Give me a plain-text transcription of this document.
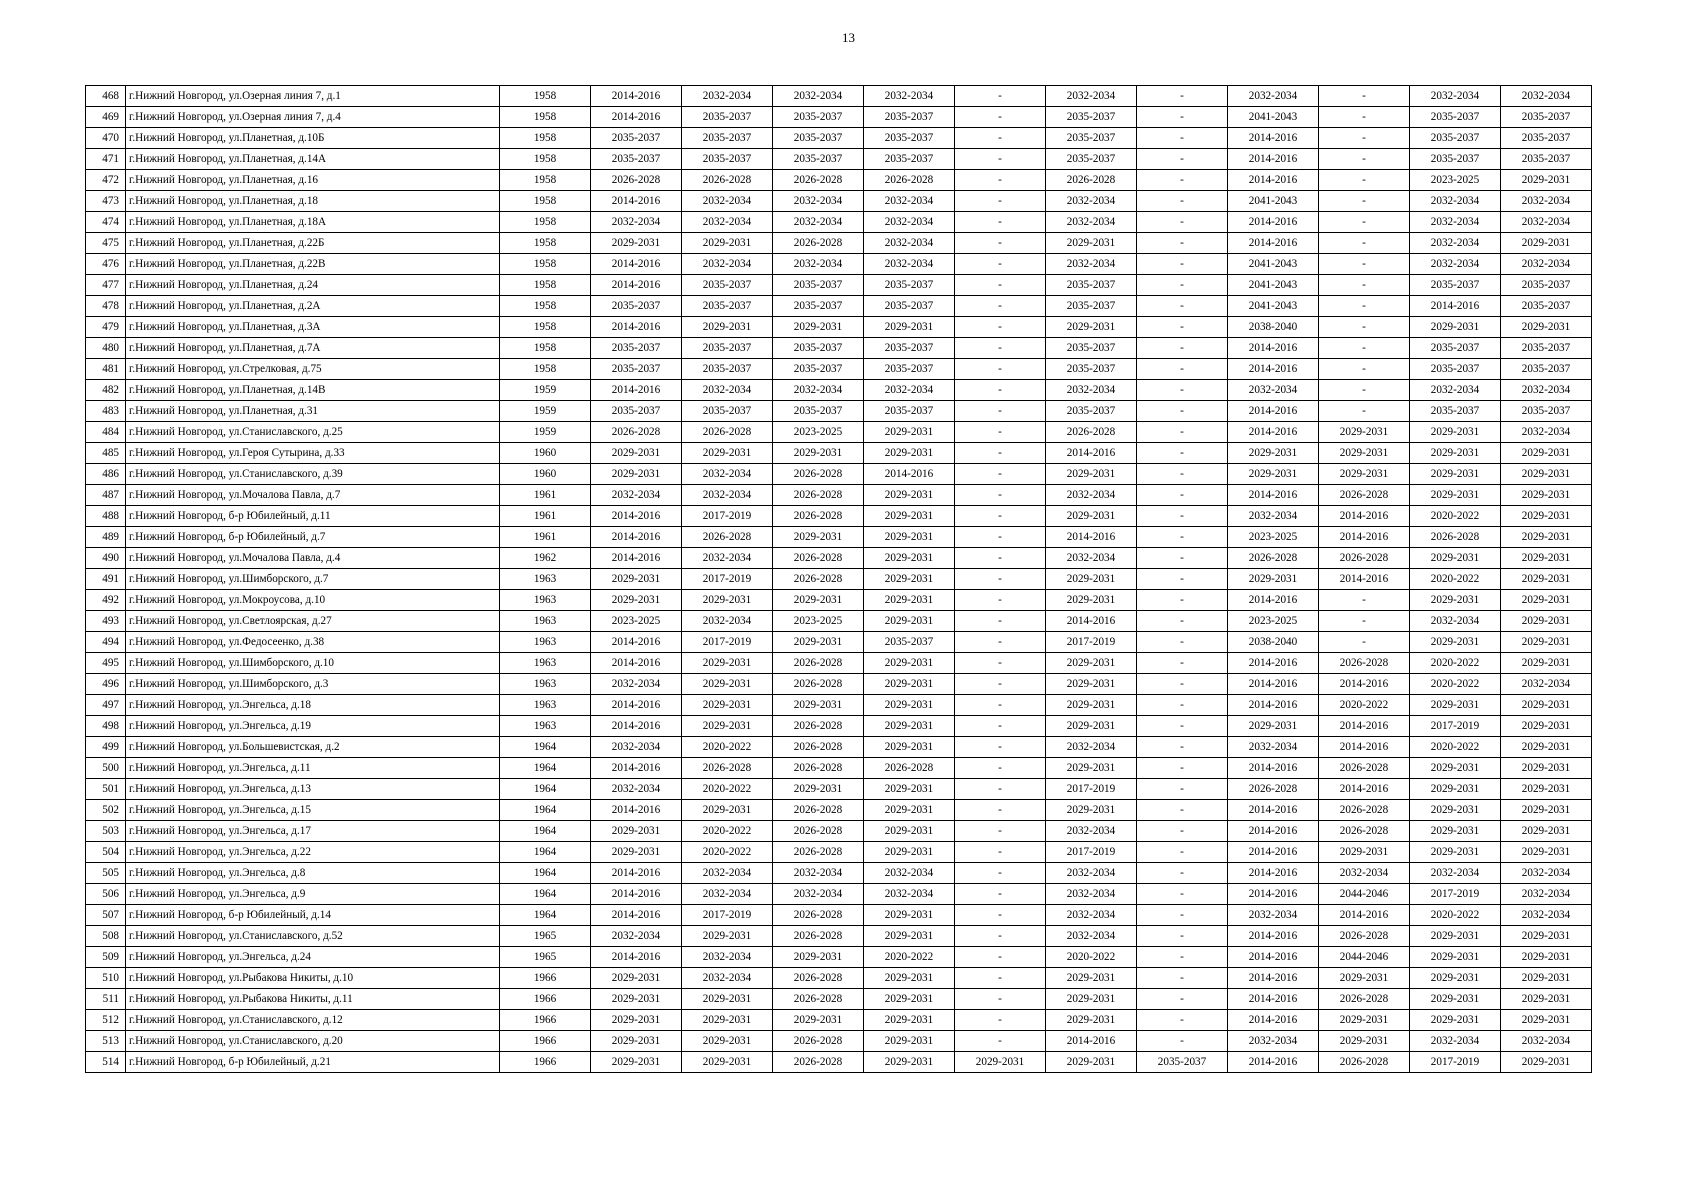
13
468	г.Нижний Новгород, ул.Озерная линия 7, д.1	1958	2014-2016	2032-2034	2032-2034	2032-2034	-	2032-2034	-	2032-2034	-	2032-2034	2032-2034
469	г.Нижний Новгород, ул.Озерная линия 7, д.4	1958	2014-2016	2035-2037	2035-2037	2035-2037	-	2035-2037	-	2041-2043	-	2035-2037	2035-2037
470	г.Нижний Новгород, ул.Планетная, д.10Б	1958	2035-2037	2035-2037	2035-2037	2035-2037	-	2035-2037	-	2014-2016	-	2035-2037	2035-2037
471	г.Нижний Новгород, ул.Планетная, д.14А	1958	2035-2037	2035-2037	2035-2037	2035-2037	-	2035-2037	-	2014-2016	-	2035-2037	2035-2037
472	г.Нижний Новгород, ул.Планетная, д.16	1958	2026-2028	2026-2028	2026-2028	2026-2028	-	2026-2028	-	2014-2016	-	2023-2025	2029-2031
473	г.Нижний Новгород, ул.Планетная, д.18	1958	2014-2016	2032-2034	2032-2034	2032-2034	-	2032-2034	-	2041-2043	-	2032-2034	2032-2034
474	г.Нижний Новгород, ул.Планетная, д.18А	1958	2032-2034	2032-2034	2032-2034	2032-2034	-	2032-2034	-	2014-2016	-	2032-2034	2032-2034
475	г.Нижний Новгород, ул.Планетная, д.22Б	1958	2029-2031	2029-2031	2026-2028	2032-2034	-	2029-2031	-	2014-2016	-	2032-2034	2029-2031
476	г.Нижний Новгород, ул.Планетная, д.22В	1958	2014-2016	2032-2034	2032-2034	2032-2034	-	2032-2034	-	2041-2043	-	2032-2034	2032-2034
477	г.Нижний Новгород, ул.Планетная, д.24	1958	2014-2016	2035-2037	2035-2037	2035-2037	-	2035-2037	-	2041-2043	-	2035-2037	2035-2037
478	г.Нижний Новгород, ул.Планетная, д.2А	1958	2035-2037	2035-2037	2035-2037	2035-2037	-	2035-2037	-	2041-2043	-	2014-2016	2035-2037
479	г.Нижний Новгород, ул.Планетная, д.3А	1958	2014-2016	2029-2031	2029-2031	2029-2031	-	2029-2031	-	2038-2040	-	2029-2031	2029-2031
480	г.Нижний Новгород, ул.Планетная, д.7А	1958	2035-2037	2035-2037	2035-2037	2035-2037	-	2035-2037	-	2014-2016	-	2035-2037	2035-2037
481	г.Нижний Новгород, ул.Стрелковая, д.75	1958	2035-2037	2035-2037	2035-2037	2035-2037	-	2035-2037	-	2014-2016	-	2035-2037	2035-2037
482	г.Нижний Новгород, ул.Планетная, д.14В	1959	2014-2016	2032-2034	2032-2034	2032-2034	-	2032-2034	-	2032-2034	-	2032-2034	2032-2034
483	г.Нижний Новгород, ул.Планетная, д.31	1959	2035-2037	2035-2037	2035-2037	2035-2037	-	2035-2037	-	2014-2016	-	2035-2037	2035-2037
484	г.Нижний Новгород, ул.Станиславского, д.25	1959	2026-2028	2026-2028	2023-2025	2029-2031	-	2026-2028	-	2014-2016	2029-2031	2029-2031	2032-2034
485	г.Нижний Новгород, ул.Героя Сутырина, д.33	1960	2029-2031	2029-2031	2029-2031	2029-2031	-	2014-2016	-	2029-2031	2029-2031	2029-2031	2029-2031
486	г.Нижний Новгород, ул.Станиславского, д.39	1960	2029-2031	2032-2034	2026-2028	2014-2016	-	2029-2031	-	2029-2031	2029-2031	2029-2031	2029-2031
487	г.Нижний Новгород, ул.Мочалова Павла, д.7	1961	2032-2034	2032-2034	2026-2028	2029-2031	-	2032-2034	-	2014-2016	2026-2028	2029-2031	2029-2031
488	г.Нижний Новгород, б-р Юбилейный, д.11	1961	2014-2016	2017-2019	2026-2028	2029-2031	-	2029-2031	-	2032-2034	2014-2016	2020-2022	2029-2031
489	г.Нижний Новгород, б-р Юбилейный, д.7	1961	2014-2016	2026-2028	2029-2031	2029-2031	-	2014-2016	-	2023-2025	2014-2016	2026-2028	2029-2031
490	г.Нижний Новгород, ул.Мочалова Павла, д.4	1962	2014-2016	2032-2034	2026-2028	2029-2031	-	2032-2034	-	2026-2028	2026-2028	2029-2031	2029-2031
491	г.Нижний Новгород, ул.Шимборского, д.7	1963	2029-2031	2017-2019	2026-2028	2029-2031	-	2029-2031	-	2029-2031	2014-2016	2020-2022	2029-2031
492	г.Нижний Новгород, ул.Мокроусова, д.10	1963	2029-2031	2029-2031	2029-2031	2029-2031	-	2029-2031	-	2014-2016	-	2029-2031	2029-2031
493	г.Нижний Новгород, ул.Светлоярская, д.27	1963	2023-2025	2032-2034	2023-2025	2029-2031	-	2014-2016	-	2023-2025	-	2032-2034	2029-2031
494	г.Нижний Новгород, ул.Федосеенко, д.38	1963	2014-2016	2017-2019	2029-2031	2035-2037	-	2017-2019	-	2038-2040	-	2029-2031	2029-2031
495	г.Нижний Новгород, ул.Шимборского, д.10	1963	2014-2016	2029-2031	2026-2028	2029-2031	-	2029-2031	-	2014-2016	2026-2028	2020-2022	2029-2031
496	г.Нижний Новгород, ул.Шимборского, д.3	1963	2032-2034	2029-2031	2026-2028	2029-2031	-	2029-2031	-	2014-2016	2014-2016	2020-2022	2032-2034
497	г.Нижний Новгород, ул.Энгельса, д.18	1963	2014-2016	2029-2031	2029-2031	2029-2031	-	2029-2031	-	2014-2016	2020-2022	2029-2031	2029-2031
498	г.Нижний Новгород, ул.Энгельса, д.19	1963	2014-2016	2029-2031	2026-2028	2029-2031	-	2029-2031	-	2029-2031	2014-2016	2017-2019	2029-2031
499	г.Нижний Новгород, ул.Большевистская, д.2	1964	2032-2034	2020-2022	2026-2028	2029-2031	-	2032-2034	-	2032-2034	2014-2016	2020-2022	2029-2031
500	г.Нижний Новгород, ул.Энгельса, д.11	1964	2014-2016	2026-2028	2026-2028	2026-2028	-	2029-2031	-	2014-2016	2026-2028	2029-2031	2029-2031
501	г.Нижний Новгород, ул.Энгельса, д.13	1964	2032-2034	2020-2022	2029-2031	2029-2031	-	2017-2019	-	2026-2028	2014-2016	2029-2031	2029-2031
502	г.Нижний Новгород, ул.Энгельса, д.15	1964	2014-2016	2029-2031	2026-2028	2029-2031	-	2029-2031	-	2014-2016	2026-2028	2029-2031	2029-2031
503	г.Нижний Новгород, ул.Энгельса, д.17	1964	2029-2031	2020-2022	2026-2028	2029-2031	-	2032-2034	-	2014-2016	2026-2028	2029-2031	2029-2031
504	г.Нижний Новгород, ул.Энгельса, д.22	1964	2029-2031	2020-2022	2026-2028	2029-2031	-	2017-2019	-	2014-2016	2029-2031	2029-2031	2029-2031
505	г.Нижний Новгород, ул.Энгельса, д.8	1964	2014-2016	2032-2034	2032-2034	2032-2034	-	2032-2034	-	2014-2016	2032-2034	2032-2034	2032-2034
506	г.Нижний Новгород, ул.Энгельса, д.9	1964	2014-2016	2032-2034	2032-2034	2032-2034	-	2032-2034	-	2014-2016	2044-2046	2017-2019	2032-2034
507	г.Нижний Новгород, б-р Юбилейный, д.14	1964	2014-2016	2017-2019	2026-2028	2029-2031	-	2032-2034	-	2032-2034	2014-2016	2020-2022	2032-2034
508	г.Нижний Новгород, ул.Станиславского, д.52	1965	2032-2034	2029-2031	2026-2028	2029-2031	-	2032-2034	-	2014-2016	2026-2028	2029-2031	2029-2031
509	г.Нижний Новгород, ул.Энгельса, д.24	1965	2014-2016	2032-2034	2029-2031	2020-2022	-	2020-2022	-	2014-2016	2044-2046	2029-2031	2029-2031
510	г.Нижний Новгород, ул.Рыбакова Никиты, д.10	1966	2029-2031	2032-2034	2026-2028	2029-2031	-	2029-2031	-	2014-2016	2029-2031	2029-2031	2029-2031
511	г.Нижний Новгород, ул.Рыбакова Никиты, д.11	1966	2029-2031	2029-2031	2026-2028	2029-2031	-	2029-2031	-	2014-2016	2026-2028	2029-2031	2029-2031
512	г.Нижний Новгород, ул.Станиславского, д.12	1966	2029-2031	2029-2031	2029-2031	2029-2031	-	2029-2031	-	2014-2016	2029-2031	2029-2031	2029-2031
513	г.Нижний Новгород, ул.Станиславского, д.20	1966	2029-2031	2029-2031	2026-2028	2029-2031	-	2014-2016	-	2032-2034	2029-2031	2032-2034	2032-2034
514	г.Нижний Новгород, б-р Юбилейный, д.21	1966	2029-2031	2029-2031	2026-2028	2029-2031	2029-2031	2029-2031	2035-2037	2014-2016	2026-2028	2017-2019	2029-2031
